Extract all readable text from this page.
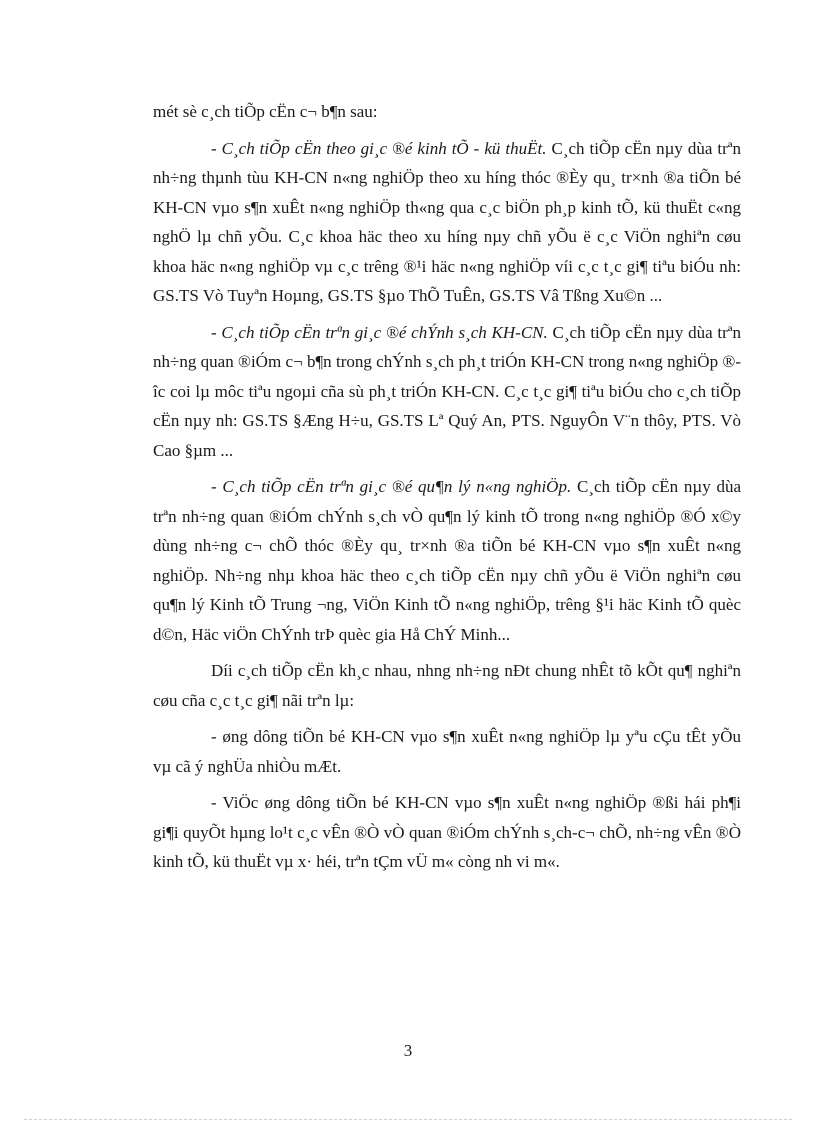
mét sè c¸ch tiÕp cËn c¬ b¶n sau:

- C¸ch tiÕp cËn theo gi¸c ®é kinh tÕ - kü thuËt. C¸ch tiÕp cËn nµy dùa trªn nh÷ng thµnh tùu KH-CN n«ng nghiÖp theo xu híng thóc ®Èy qu¸ tr×nh ®a tiÕn bé KH-CN vµo s¶n xuÊt n«ng nghiÖp th«ng qua c¸c biÖn ph¸p kinh tÕ, kü thuËt c«ng nghÖ lµ chñ yÕu. C¸c khoa häc theo xu híng nµy chñ yÕu ë c¸c ViÖn nghiªn cøu khoa häc n«ng nghiÖp vµ c¸c trêng ®¹i häc n«ng nghiÖp víi c¸c t¸c gi¶ tiªu biÓu nh: GS.TS Vò Tuyªn Hoµng, GS.TS §µo ThÕ TuÊn, GS.TS Vâ Tßng Xu©n ...

- C¸ch tiÕp cËn trªn gi¸c ®é chÝnh s¸ch KH-CN. C¸ch tiÕp cËn nµy dùa trªn nh÷ng quan ®iÓm c¬ b¶n trong chÝnh s¸ch ph¸t triÓn KH-CN trong n«ng nghiÖp ®îc coi lµ môc tiªu ngoµi cña sù ph¸t triÓn KH-CN. C¸c t¸c gi¶ tiªu biÓu cho c¸ch tiÕp cËn nµy nh: GS.TS §Æng H÷u, GS.TS Lª Quý An, PTS. NguyÔn V¨n thôy, PTS. Vò Cao §µm ...

- C¸ch tiÕp cËn trªn gi¸c ®é qu¶n lý n«ng nghiÖp. C¸ch tiÕp cËn nµy dùa trªn nh÷ng quan ®iÓm chÝnh s¸ch vÒ qu¶n lý kinh tÕ trong n«ng nghiÖp ®Ó x©y dùng nh÷ng c¬ chÕ thóc ®Èy qu¸ tr×nh ®a tiÕn bé KH-CN vµo s¶n xuÊt n«ng nghiÖp. Nh÷ng nhµ khoa häc theo c¸ch tiÕp cËn nµy chñ yÕu ë ViÖn nghiªn cøu qu¶n lý Kinh tÕ Trung ¬ng, ViÖn Kinh tÕ n«ng nghiÖp, trêng §¹i häc Kinh tÕ quèc d©n, Häc viÖn ChÝnh trÞ quèc gia Hå ChÝ Minh...

Díi c¸ch tiÕp cËn kh¸c nhau, nhng nh÷ng nÐt chung nhÊt tõ kÕt qu¶ nghiªn cøu cña c¸c t¸c gi¶ nãi trªn lµ:

- øng dông tiÕn bé KH-CN vµo s¶n xuÊt n«ng nghiÖp lµ yªu cÇu tÊt yÕu vµ cã ý nghÜa nhiÒu mÆt.

- ViÖc øng dông tiÕn bé KH-CN vµo s¶n xuÊt n«ng nghiÖp ®ßi hái ph¶i gi¶i quyÕt hµng lo¹t c¸c vÊn ®Ò vÒ quan ®iÓm chÝnh s¸ch-c¬ chÕ, nh÷ng vÊn ®Ò kinh tÕ, kü thuËt vµ x· héi, trªn tÇm vÜ m« còng nh vi m«.

3
